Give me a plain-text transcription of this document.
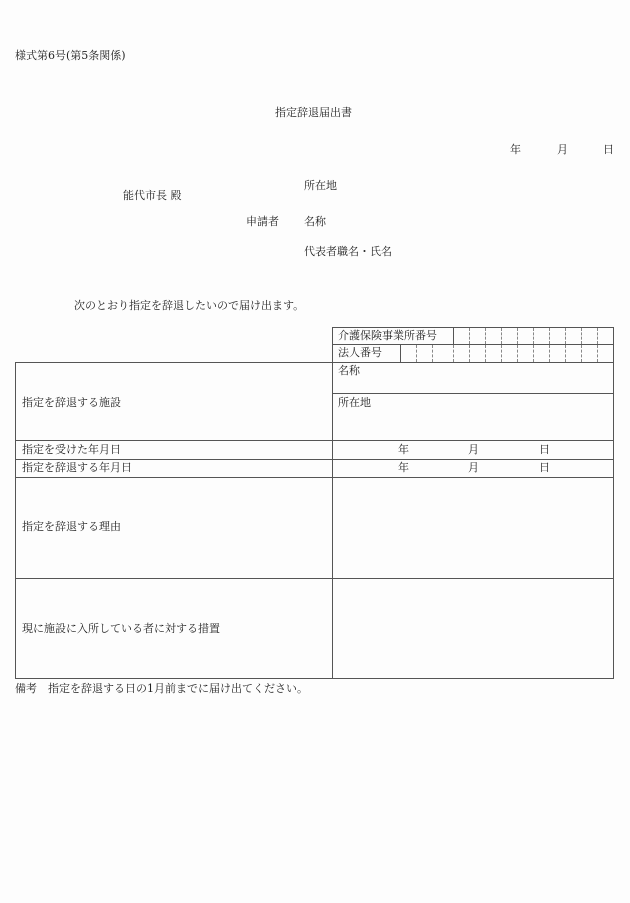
様式第6号(第5条関係)
指定辞退届出書
年	月	日
能代市長 殿
所在地
申請者 名称
代表者職名・氏名
次のとおり指定を辞退したいので届け出ます。
介護保険事業所番号
法人番号
指定を辞退する施設
名称
所在地
指定を受けた年月日	年	月	日
指定を辞退する年月日	年	月	日
指定を辞退する理由
現に施設に入所している者に対する措置
備考　指定を辞退する日の1月前までに届け出てください。
